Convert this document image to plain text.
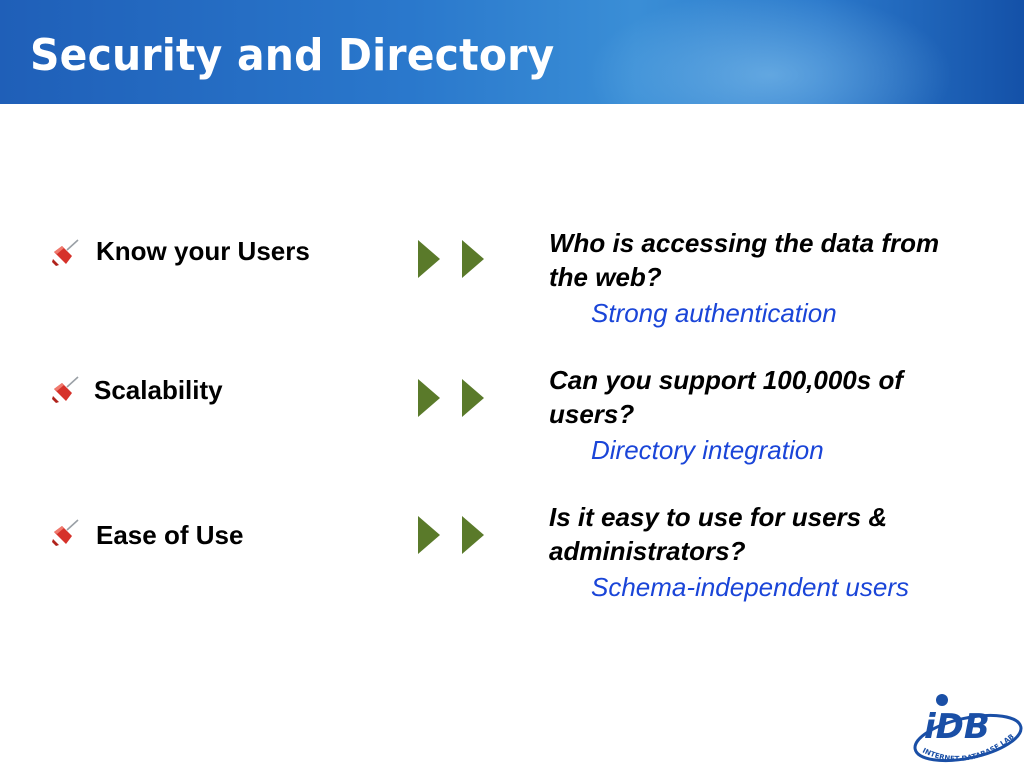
Security and Directory
Know your Users	Who is accessing the data from the web?
Strong authentication
Scalability	Can you support 100,000s of users?
Directory integration
Ease of Use
Is it easy to use for users & administrators?
Schema-independent users
iDB
INTERNET DATABASE LAB
